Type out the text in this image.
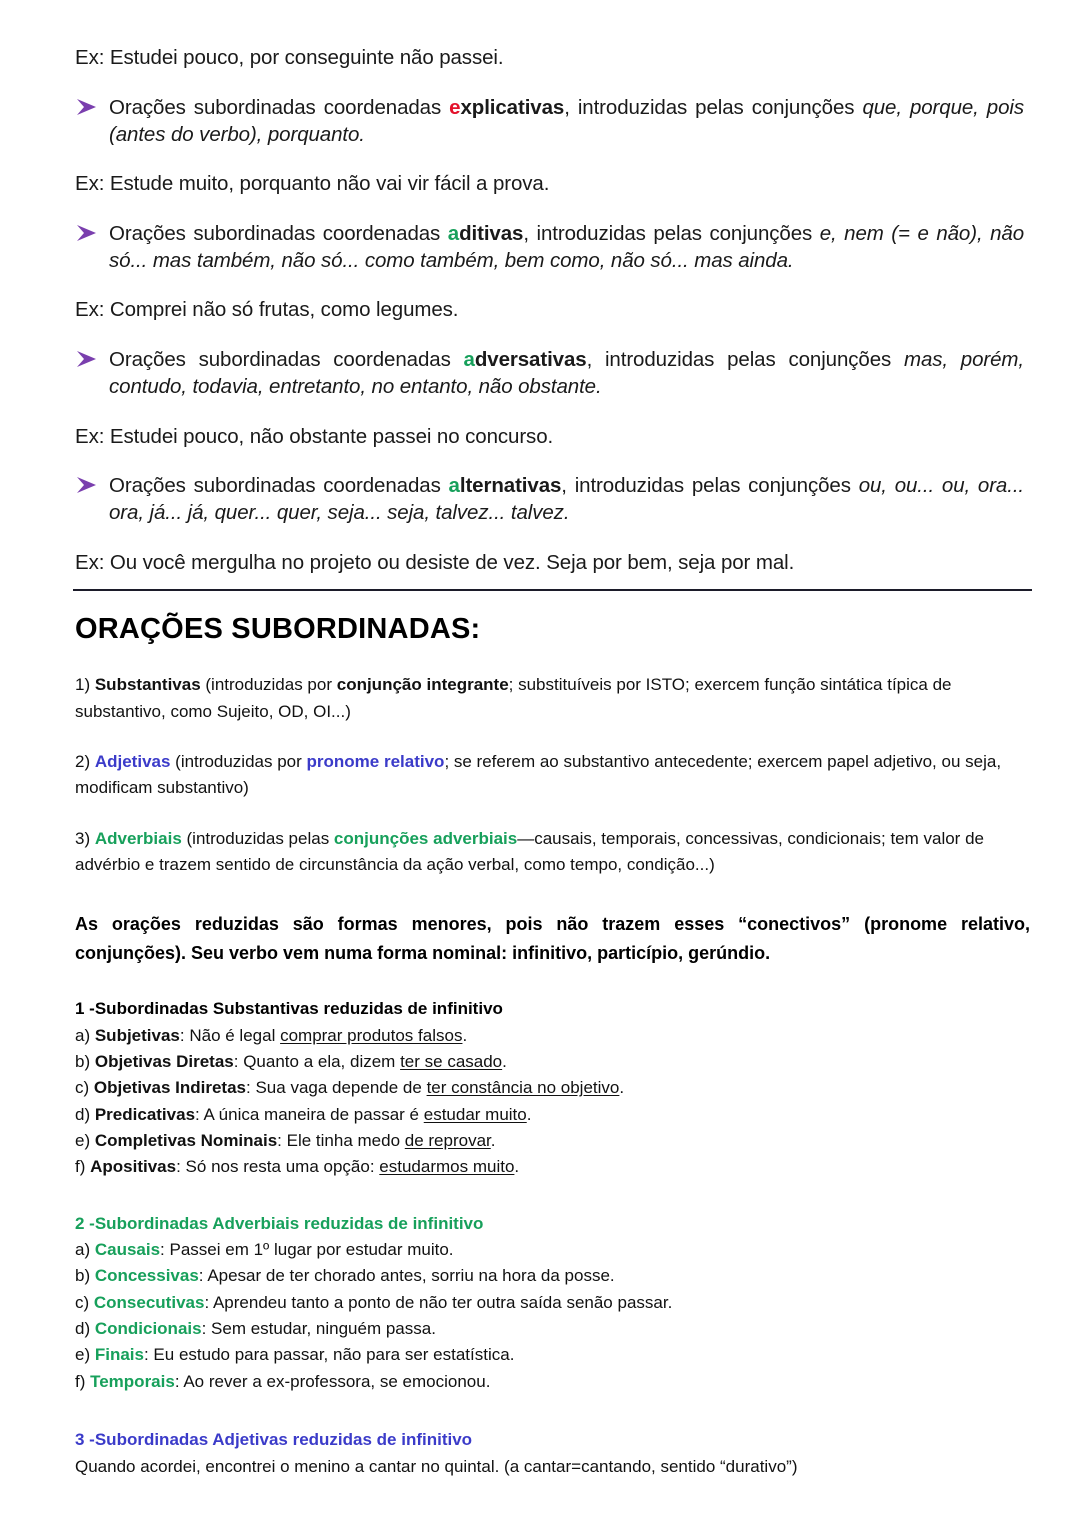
Ex: Estudei pouco, por conseguinte não passei.

Orações subordinadas coordenadas explicativas, introduzidas pelas conjunções que, porque, pois (antes do verbo), porquanto.

Ex: Estude muito, porquanto não vai vir fácil a prova.

Orações subordinadas coordenadas aditivas, introduzidas pelas conjunções e, nem (= e não), não só... mas também, não só... como também, bem como, não só... mas ainda.

Ex: Comprei não só frutas, como legumes.

Orações subordinadas coordenadas adversativas, introduzidas pelas conjunções mas, porém, contudo, todavia, entretanto, no entanto, não obstante.

Ex: Estudei pouco, não obstante passei no concurso.

Orações subordinadas coordenadas alternativas, introduzidas pelas conjunções ou, ou... ou, ora... ora, já... já, quer... quer, seja... seja, talvez... talvez.

Ex: Ou você mergulha no projeto ou desiste de vez. Seja por bem, seja por mal.

ORAÇÕES SUBORDINADAS:

1) Substantivas (introduzidas por conjunção integrante; substituíveis por ISTO; exercem função sintática típica de substantivo, como Sujeito, OD, OI...)

2) Adjetivas (introduzidas por pronome relativo; se referem ao substantivo antecedente; exercem papel adjetivo, ou seja, modificam substantivo)

3) Adverbiais (introduzidas pelas conjunções adverbiais—causais, temporais, concessivas, condicionais; tem valor de advérbio e trazem sentido de circunstância da ação verbal, como tempo, condição...)

As orações reduzidas são formas menores, pois não trazem esses “conectivos” (pronome relativo, conjunções). Seu verbo vem numa forma nominal: infinitivo, particípio, gerúndio.

1 -Subordinadas Substantivas reduzidas de infinitivo

a) Subjetivas: Não é legal comprar produtos falsos.

b) Objetivas Diretas: Quanto a ela, dizem ter se casado.

c) Objetivas Indiretas: Sua vaga depende de ter constância no objetivo.

d) Predicativas: A única maneira de passar é estudar muito.

e) Completivas Nominais: Ele tinha medo de reprovar.

f) Apositivas: Só nos resta uma opção: estudarmos muito.

2 -Subordinadas Adverbiais reduzidas de infinitivo

a) Causais: Passei em 1º lugar por estudar muito.

b) Concessivas: Apesar de ter chorado antes, sorriu na hora da posse.

c) Consecutivas: Aprendeu tanto a ponto de não ter outra saída senão passar.

d) Condicionais: Sem estudar, ninguém passa.

e) Finais: Eu estudo para passar, não para ser estatística.

f) Temporais: Ao rever a ex-professora, se emocionou.

3 -Subordinadas Adjetivas reduzidas de infinitivo

Quando acordei, encontrei o menino a cantar no quintal. (a cantar=cantando, sentido “durativo”)
